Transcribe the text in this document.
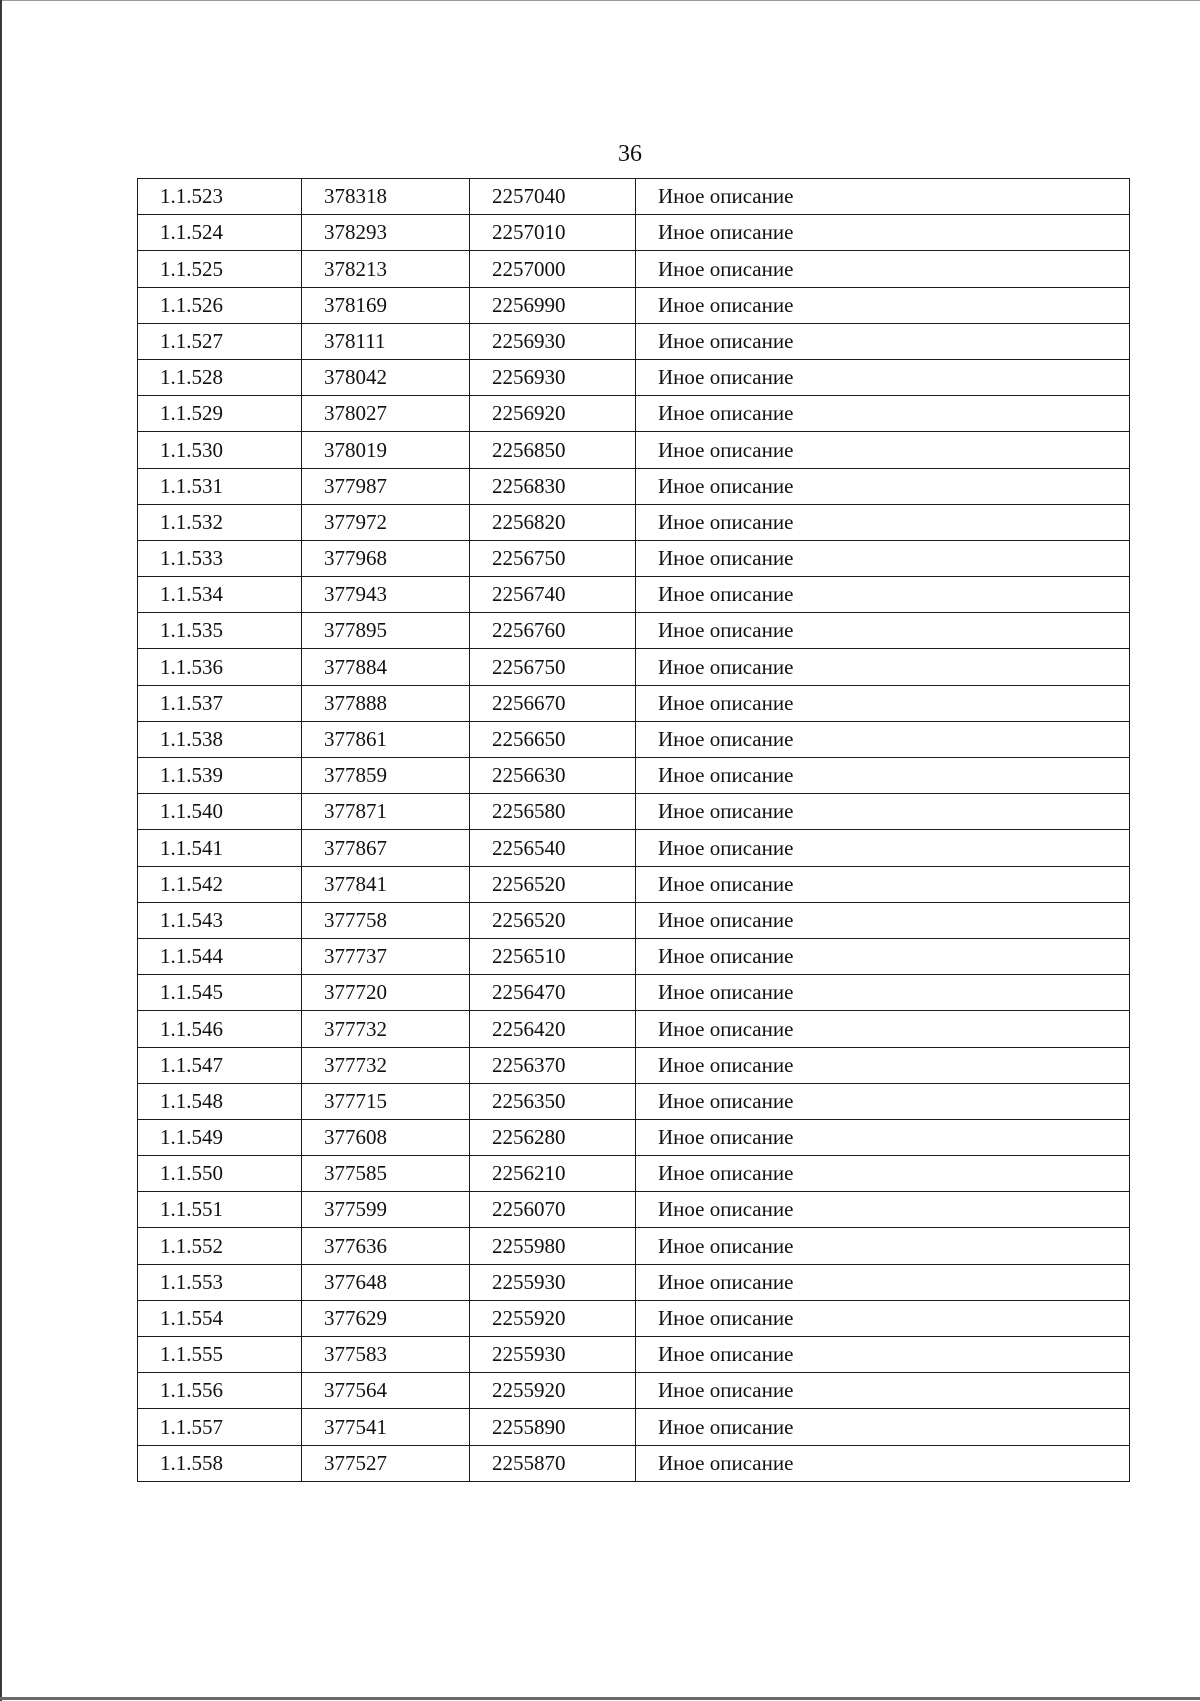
36
1.1.523	378318	2257040	Иное описание
1.1.524	378293	2257010	Иное описание
1.1.525	378213	2257000	Иное описание
1.1.526	378169	2256990	Иное описание
1.1.527	378111	2256930	Иное описание
1.1.528	378042	2256930	Иное описание
1.1.529	378027	2256920	Иное описание
1.1.530	378019	2256850	Иное описание
1.1.531	377987	2256830	Иное описание
1.1.532	377972	2256820	Иное описание
1.1.533	377968	2256750	Иное описание
1.1.534	377943	2256740	Иное описание
1.1.535	377895	2256760	Иное описание
1.1.536	377884	2256750	Иное описание
1.1.537	377888	2256670	Иное описание
1.1.538	377861	2256650	Иное описание
1.1.539	377859	2256630	Иное описание
1.1.540	377871	2256580	Иное описание
1.1.541	377867	2256540	Иное описание
1.1.542	377841	2256520	Иное описание
1.1.543	377758	2256520	Иное описание
1.1.544	377737	2256510	Иное описание
1.1.545	377720	2256470	Иное описание
1.1.546	377732	2256420	Иное описание
1.1.547	377732	2256370	Иное описание
1.1.548	377715	2256350	Иное описание
1.1.549	377608	2256280	Иное описание
1.1.550	377585	2256210	Иное описание
1.1.551	377599	2256070	Иное описание
1.1.552	377636	2255980	Иное описание
1.1.553	377648	2255930	Иное описание
1.1.554	377629	2255920	Иное описание
1.1.555	377583	2255930	Иное описание
1.1.556	377564	2255920	Иное описание
1.1.557	377541	2255890	Иное описание
1.1.558	377527	2255870	Иное описание
